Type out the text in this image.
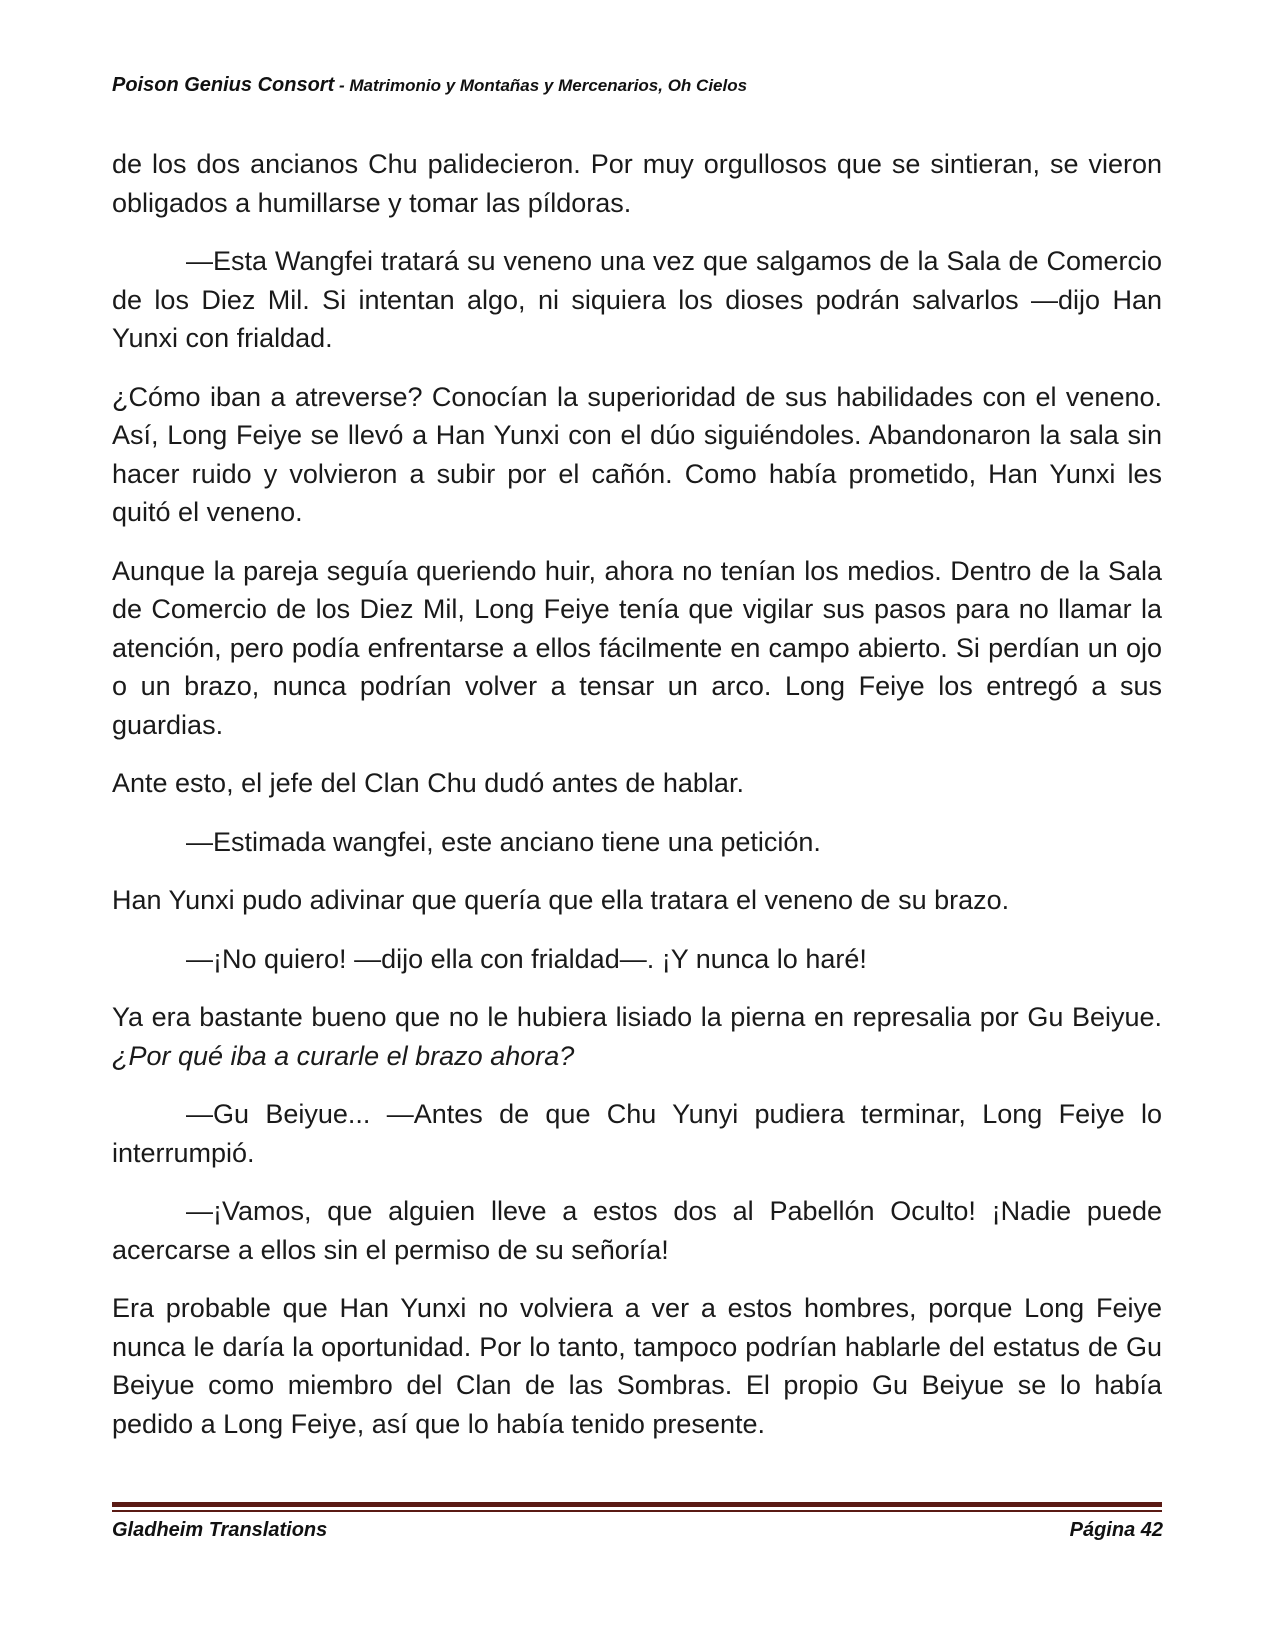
Poison Genius Consort - Matrimonio y Montañas y Mercenarios, Oh Cielos

de los dos ancianos Chu palidecieron. Por muy orgullosos que se sintieran, se vieron obligados a humillarse y tomar las píldoras.

—Esta Wangfei tratará su veneno una vez que salgamos de la Sala de Comercio de los Diez Mil. Si intentan algo, ni siquiera los dioses podrán salvarlos —dijo Han Yunxi con frialdad.

¿Cómo iban a atreverse? Conocían la superioridad de sus habilidades con el veneno. Así, Long Feiye se llevó a Han Yunxi con el dúo siguiéndoles. Abandonaron la sala sin hacer ruido y volvieron a subir por el cañón. Como había prometido, Han Yunxi les quitó el veneno.

Aunque la pareja seguía queriendo huir, ahora no tenían los medios. Dentro de la Sala de Comercio de los Diez Mil, Long Feiye tenía que vigilar sus pasos para no llamar la atención, pero podía enfrentarse a ellos fácilmente en campo abierto. Si perdían un ojo o un brazo, nunca podrían volver a tensar un arco. Long Feiye los entregó a sus guardias.

Ante esto, el jefe del Clan Chu dudó antes de hablar.

—Estimada wangfei, este anciano tiene una petición.

Han Yunxi pudo adivinar que quería que ella tratara el veneno de su brazo.

—¡No quiero! —dijo ella con frialdad—. ¡Y nunca lo haré!

Ya era bastante bueno que no le hubiera lisiado la pierna en represalia por Gu Beiyue. ¿Por qué iba a curarle el brazo ahora?

—Gu Beiyue... —Antes de que Chu Yunyi pudiera terminar, Long Feiye lo interrumpió.

—¡Vamos, que alguien lleve a estos dos al Pabellón Oculto! ¡Nadie puede acercarse a ellos sin el permiso de su señoría!

Era probable que Han Yunxi no volviera a ver a estos hombres, porque Long Feiye nunca le daría la oportunidad. Por lo tanto, tampoco podrían hablarle del estatus de Gu Beiyue como miembro del Clan de las Sombras. El propio Gu Beiyue se lo había pedido a Long Feiye, así que lo había tenido presente.

Gladheim Translations	Página 42
